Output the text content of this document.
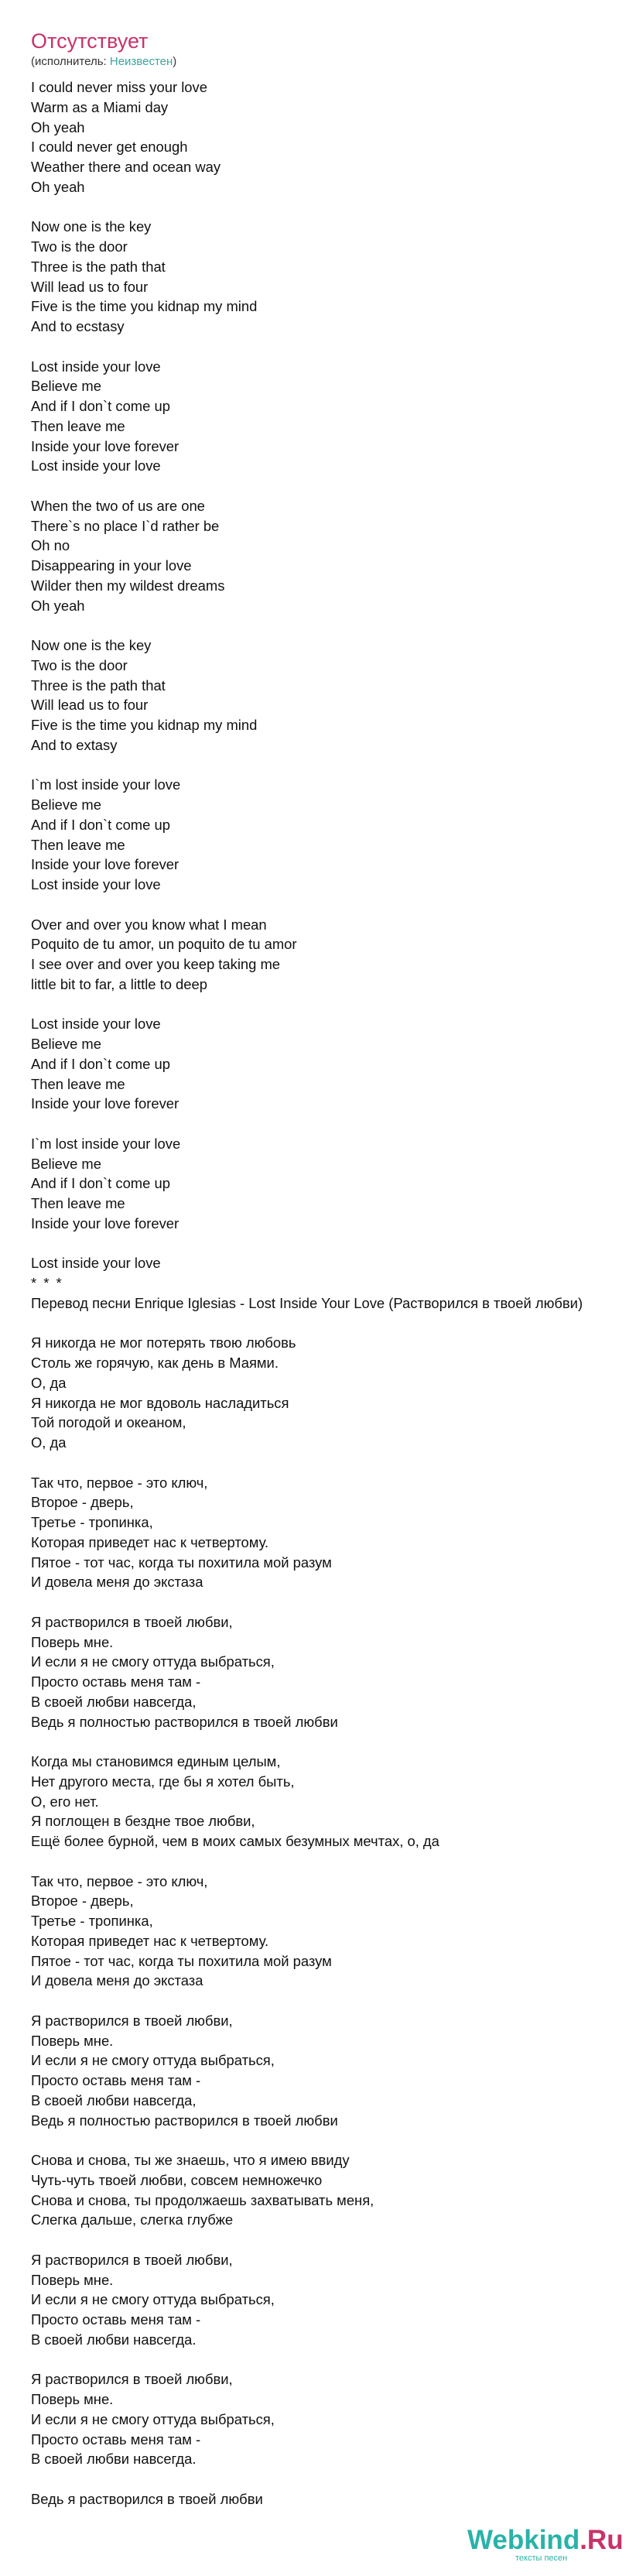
Отсутствует
(исполнитель: Неизвестен)
I could never miss your love
Warm as a Miami day
Oh yeah
I could never get enough
Weather there and ocean way
Oh yeah
Now one is the key
Two is the door
Three is the path that
Will lead us to four
Five is the time you kidnap my mind
And to ecstasy
Lost inside your love
Believe me
And if I don`t come up
Then leave me
Inside your love forever
Lost inside your love
When the two of us are one
There`s no place I`d rather be
Oh no
Disappearing in your love
Wilder then my wildest dreams
Oh yeah
Now one is the key
Two is the door
Three is the path that
Will lead us to four
Five is the time you kidnap my mind
And to extasy
I`m lost inside your love
Believe me
And if I don`t come up
Then leave me
Inside your love forever
Lost inside your love
Over and over you know what I mean
Poquito de tu amor, un poquito de tu amor
I see over and over you keep taking me
little bit to far, a little to deep
Lost inside your love
Believe me
And if I don`t come up
Then leave me
Inside your love forever
I`m lost inside your love
Believe me
And if I don`t come up
Then leave me
Inside your love forever
Lost inside your love
* * *
Перевод песни Enrique Iglesias - Lost Inside Your Love (Растворился в твоей любви)
Я никогда не мог потерять твою любовь
Столь же горячую, как день в Маями.
О, да
Я никогда не мог вдоволь насладиться
Той погодой и океаном,
О, да
Так что, первое - это ключ,
Второе - дверь,
Третье - тропинка,
Которая приведет нас к четвертому.
Пятое - тот час, когда ты похитила мой разум
И довела меня до экстаза
Я растворился в твоей любви,
Поверь мне.
И если я не смогу оттуда выбраться,
Просто оставь меня там -
В своей любви навсегда,
Ведь я полностью растворился в твоей любви
Когда мы становимся единым целым,
Нет другого места, где бы я хотел быть,
О, его нет.
Я поглощен в бездне твое любви,
Ещё более бурной, чем в моих самых безумных мечтах, о, да
Так что, первое - это ключ,
Второе - дверь,
Третье - тропинка,
Которая приведет нас к четвертому.
Пятое - тот час, когда ты похитила мой разум
И довела меня до экстаза
Я растворился в твоей любви,
Поверь мне.
И если я не смогу оттуда выбраться,
Просто оставь меня там -
В своей любви навсегда,
Ведь я полностью растворился в твоей любви
Снова и снова, ты же знаешь, что я имею ввиду
Чуть-чуть твоей любви, совсем немножечко
Снова и снова, ты продолжаешь захватывать меня,
Слегка дальше, слегка глубже
Я растворился в твоей любви,
Поверь мне.
И если я не смогу оттуда выбраться,
Просто оставь меня там -
В своей любви навсегда.
Я растворился в твоей любви,
Поверь мне.
И если я не смогу оттуда выбраться,
Просто оставь меня там -
В своей любви навсегда.
Ведь я растворился в твоей любви
Webkind.Ru
тексты песен
